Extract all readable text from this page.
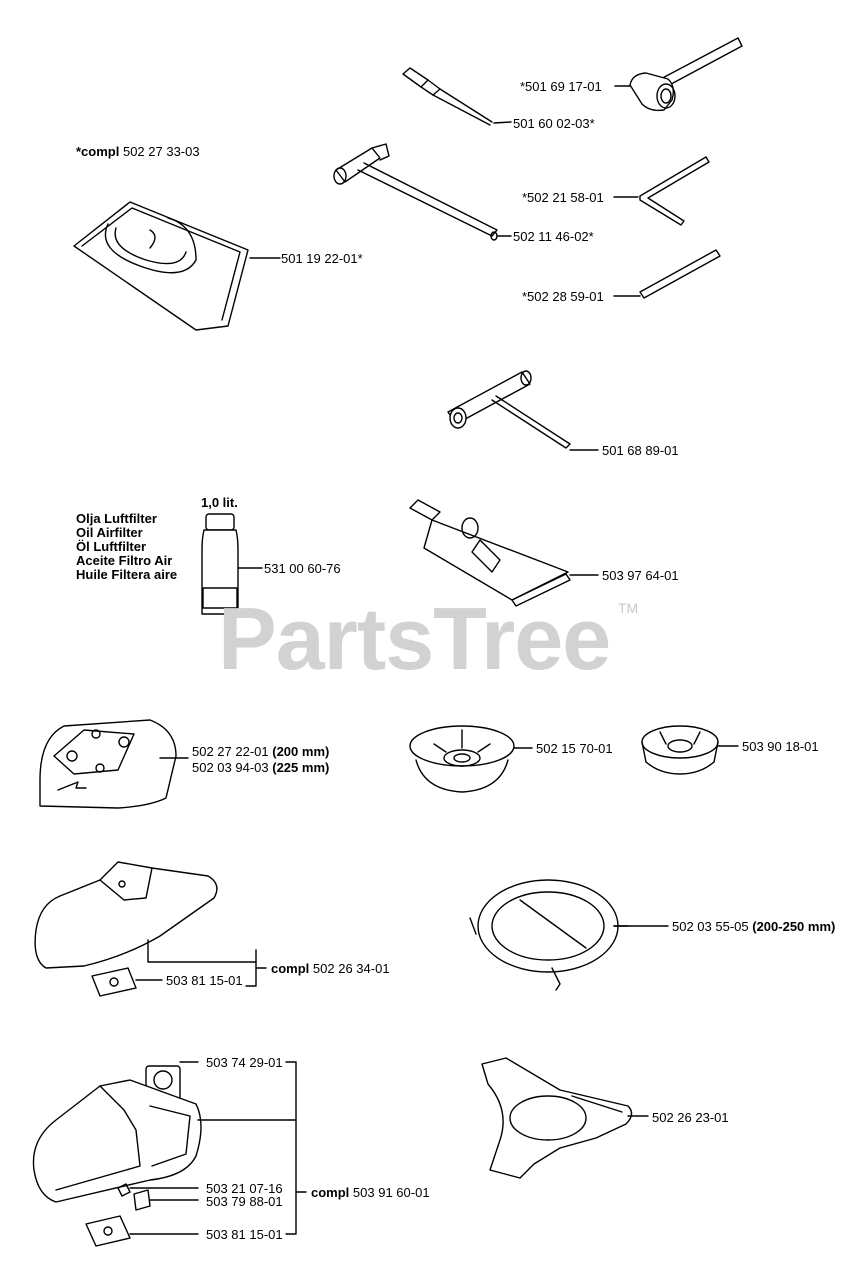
PartsTree TM
*501 69 17-01
501 60 02-03*
*compl 502 27 33-03
*502 21 58-01
502 11 46-02*
501 19 22-01*
*502 28 59-01
501 68 89-01
1,0 lit.
Olja Luftfilter
Oil Airfilter
Öl Luftfilter
Aceite Filtro Air
Huile Filtera aire	531 00 60-76	503 97 64-01
502 27 22-01 (200 mm)
502 03 94-03 (225 mm)
502 15 70-01	503 90 18-01
503 81 15-01
compl 502 26 34-01
502 03 55-05 (200-250 mm)
503 74 29-01
503 21 07-16
503 79 88-01
503 81 15-01
compl 503 91 60-01
502 26 23-01
